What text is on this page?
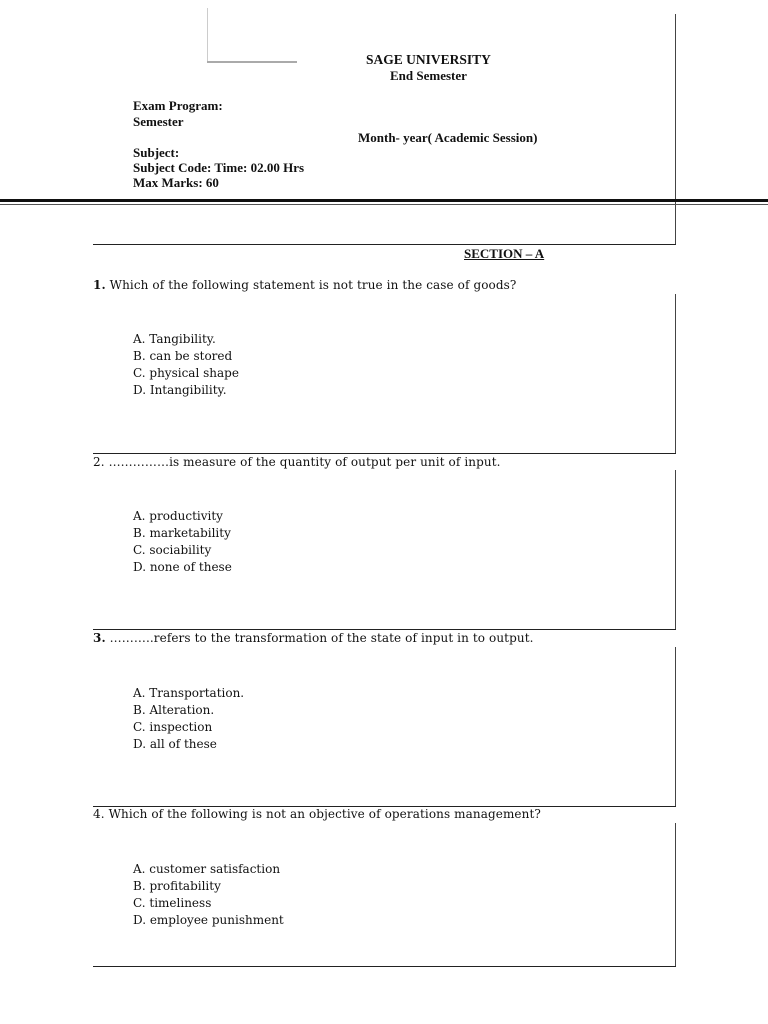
SAGE UNIVERSITY
End Semester
Exam Program:
Semester
Month- year( Academic Session)
Subject:
Subject Code: Time: 02.00 Hrs
Max Marks: 60
SECTION – A
1. Which of the following statement is not true in the case of goods?
A. Tangibility.
B. can be stored
C. physical shape
D. Intangibility.
2. ……………is measure of the quantity of output per unit of input.
A. productivity
B. marketability
C. sociability
D. none of these
3. ………..refers to the transformation of the state of input in to output.
A. Transportation.
B. Alteration.
C. inspection
D. all of these
4. Which of the following is not an objective of operations management?
A. customer satisfaction
B. profitability
C. timeliness
D. employee punishment
